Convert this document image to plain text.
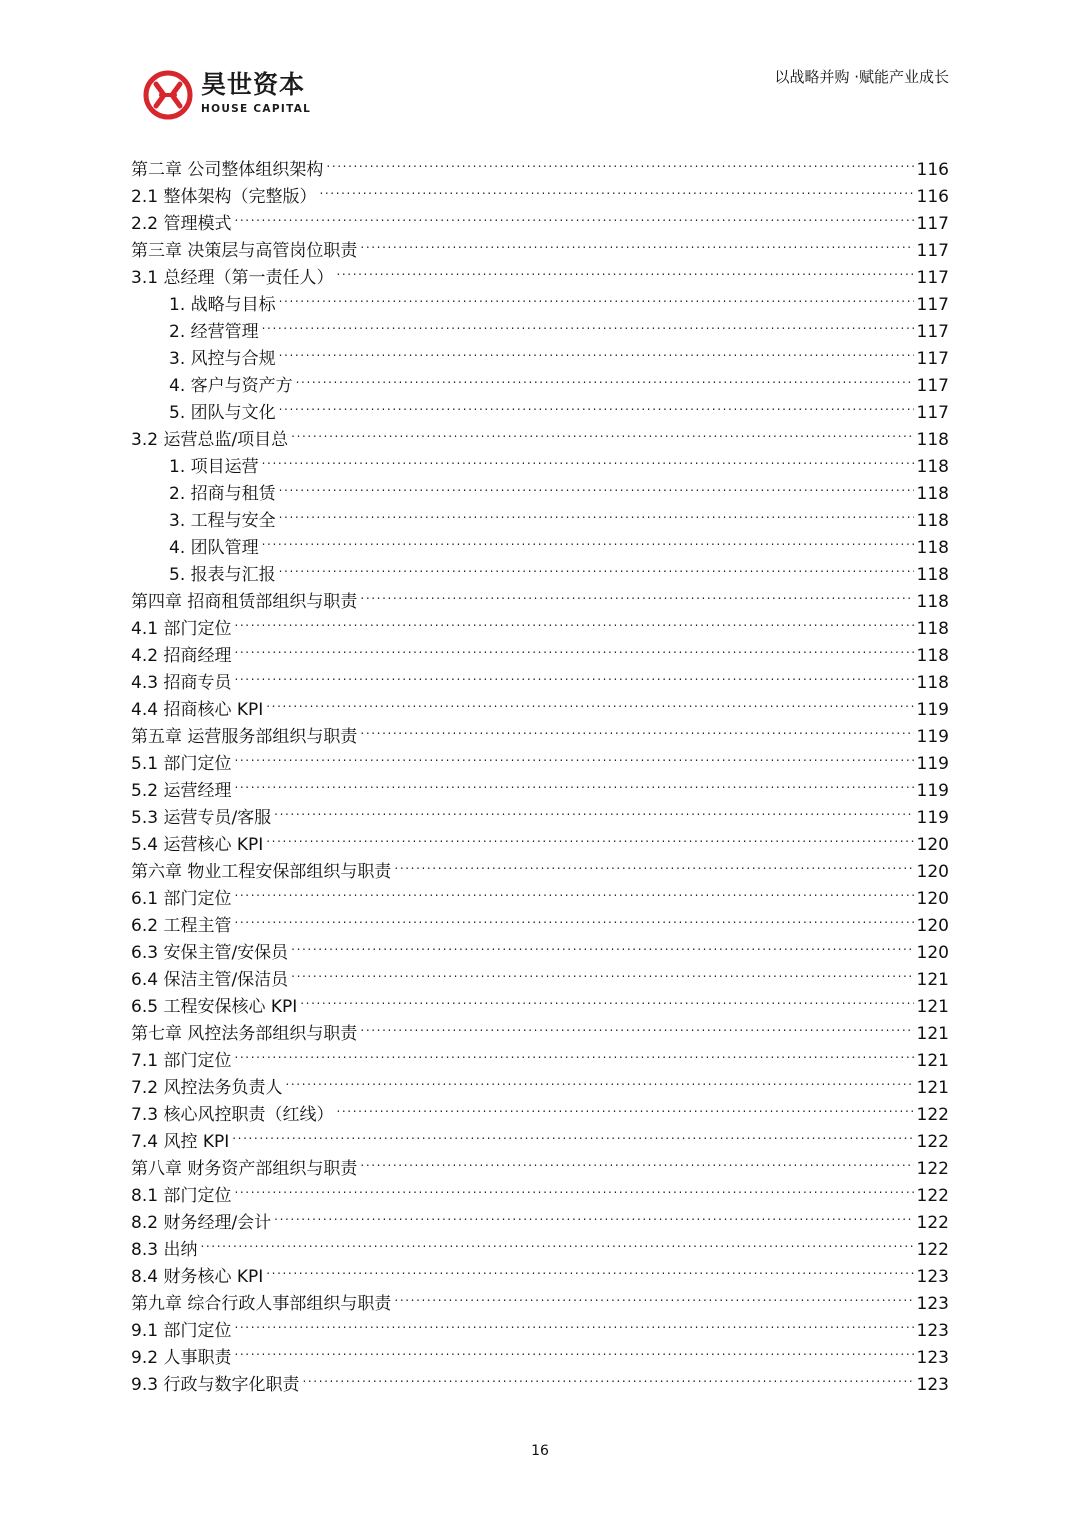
昊世资本
HOUSE CAPITAL
以战略并购 ·赋能产业成长
第二章 公司整体组织架构 .....	116
2.1 整体架构（完整版） .....	116
2.2 管理模式 .....	117
第三章 决策层与高管岗位职责 .....	117
3.1 总经理（第一责任人） .....	117
1. 战略与目标 .....	117
2. 经营管理 .....	117
3. 风控与合规 .....	117
4. 客户与资产方 .....	117
5. 团队与文化 .....	117
3.2 运营总监/项目总 .....	118
1. 项目运营 .....	118
2. 招商与租赁 .....	118
3. 工程与安全 .....	118
4. 团队管理 .....	118
5. 报表与汇报 .....	118
第四章 招商租赁部组织与职责 .....	118
4.1 部门定位 .....	118
4.2 招商经理 .....	118
4.3 招商专员 .....	118
4.4 招商核心 KPI .....	119
第五章 运营服务部组织与职责 .....	119
5.1 部门定位 .....	119
5.2 运营经理 .....	119
5.3 运营专员/客服 .....	119
5.4 运营核心 KPI .....	120
第六章 物业工程安保部组织与职责 .....	120
6.1 部门定位 .....	120
6.2 工程主管 .....	120
6.3 安保主管/安保员 .....	120
6.4 保洁主管/保洁员 .....	121
6.5 工程安保核心 KPI .....	121
第七章 风控法务部组织与职责 .....	121
7.1 部门定位 .....	121
7.2 风控法务负责人 .....	121
7.3 核心风控职责（红线） .....	122
7.4 风控 KPI .....	122
第八章 财务资产部组织与职责 .....	122
8.1 部门定位 .....	122
8.2 财务经理/会计 .....	122
8.3 出纳 .....	122
8.4 财务核心 KPI .....	123
第九章 综合行政人事部组织与职责 .....	123
9.1 部门定位 .....	123
9.2 人事职责 .....	123
9.3 行政与数字化职责 .....	123
16
